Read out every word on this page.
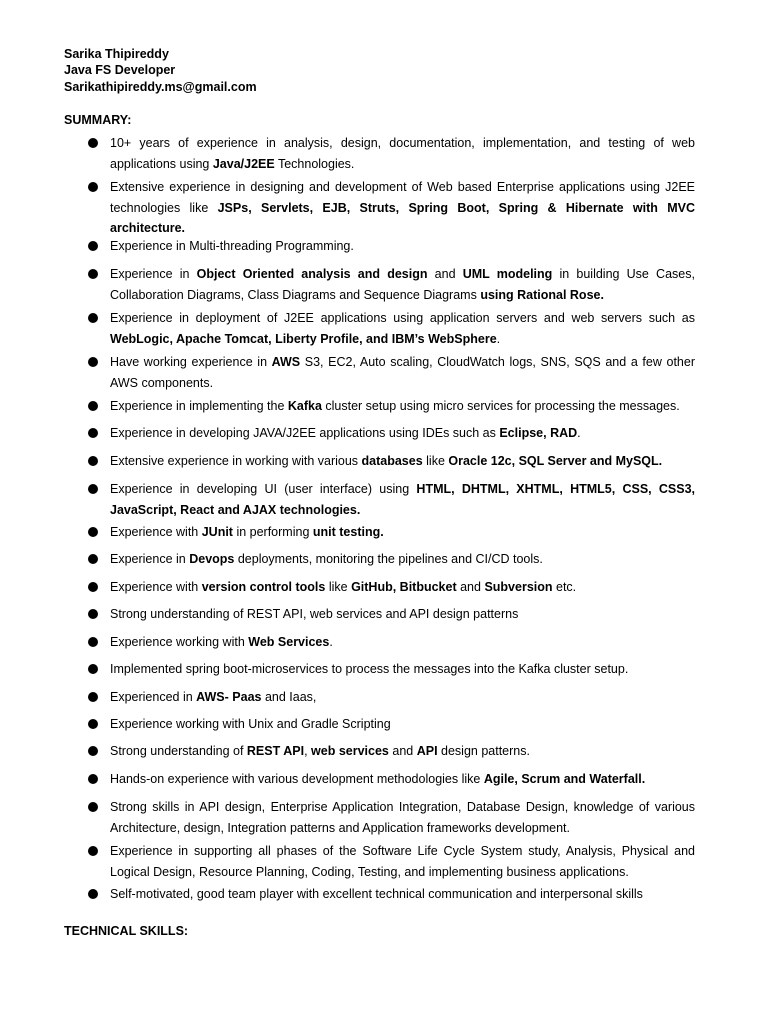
Sarika Thipireddy

Java FS Developer

Sarikathipireddy.ms@gmail.com

SUMMARY:

10+ years of experience in analysis, design, documentation, implementation, and testing of web applications using Java/J2EE Technologies.

Extensive experience in designing and development of Web based Enterprise applications using J2EE technologies like JSPs, Servlets, EJB, Struts, Spring Boot, Spring & Hibernate with MVC architecture.

Experience in Multi-threading Programming.

Experience in Object Oriented analysis and design and UML modeling in building Use Cases, Collaboration Diagrams, Class Diagrams and Sequence Diagrams using Rational Rose.

Experience in deployment of J2EE applications using application servers and web servers such as WebLogic, Apache Tomcat, Liberty Profile, and IBM’s WebSphere.

Have working experience in AWS S3, EC2, Auto scaling, CloudWatch logs, SNS, SQS and a few other AWS components.

Experience in implementing the Kafka cluster setup using micro services for processing the messages.

Experience in developing JAVA/J2EE applications using IDEs such as Eclipse, RAD.

Extensive experience in working with various databases like Oracle 12c, SQL Server and MySQL.

Experience in developing UI (user interface) using HTML, DHTML, XHTML, HTML5, CSS, CSS3, JavaScript, React and AJAX technologies.

Experience with JUnit in performing unit testing.

Experience in Devops deployments, monitoring the pipelines and CI/CD tools.

Experience with version control tools like GitHub, Bitbucket and Subversion etc.

Strong understanding of REST API, web services and API design patterns

Experience working with Web Services.

Implemented spring boot-microservices to process the messages into the Kafka cluster setup.

Experienced in AWS- Paas and Iaas,

Experience working with Unix and Gradle Scripting

Strong understanding of REST API, web services and API design patterns.

Hands-on experience with various development methodologies like Agile, Scrum and Waterfall.

Strong skills in API design, Enterprise Application Integration, Database Design, knowledge of various Architecture, design, Integration patterns and Application frameworks development.

Experience in supporting all phases of the Software Life Cycle System study, Analysis, Physical and Logical Design, Resource Planning, Coding, Testing, and implementing business applications.

Self-motivated, good team player with excellent technical communication and interpersonal skills

TECHNICAL SKILLS:
